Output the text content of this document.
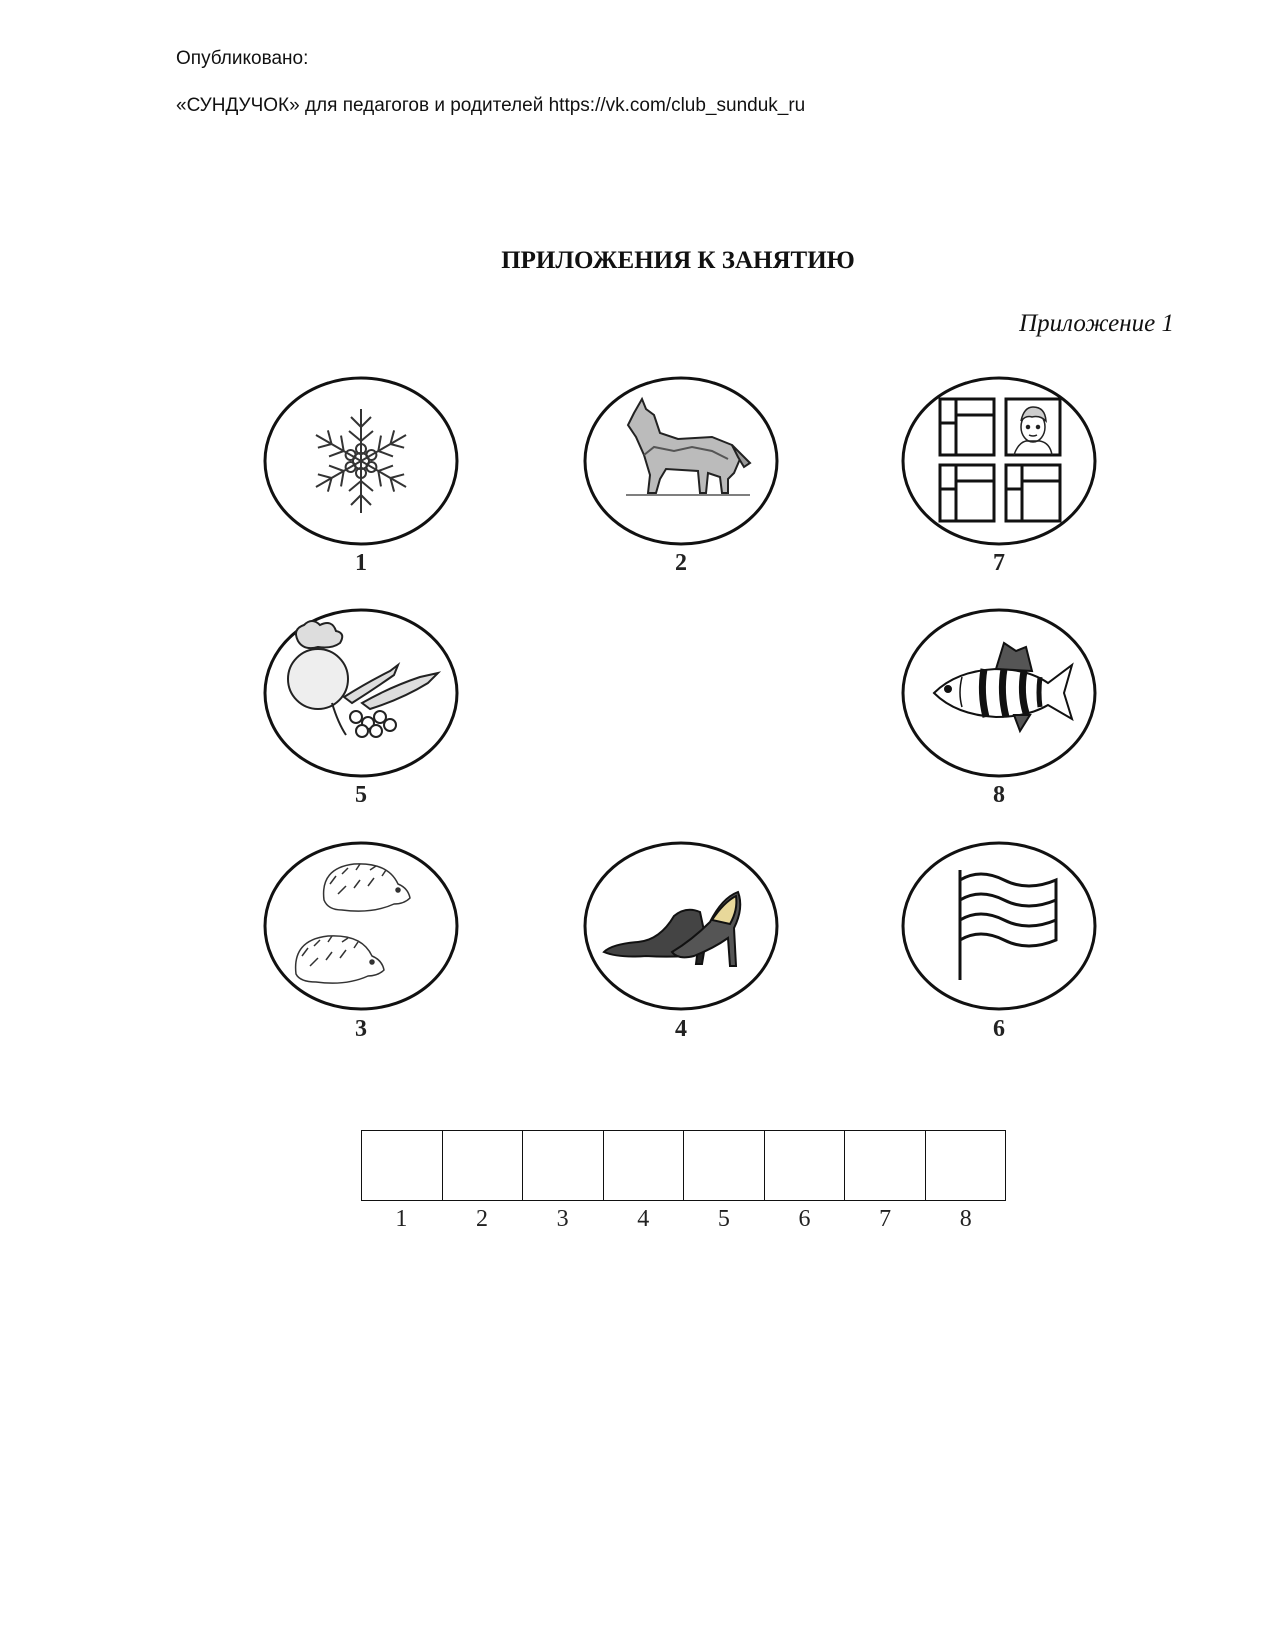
Опубликовано:
«СУНДУЧОК» для педагогов и родителей https://vk.com/club_sunduk_ru
ПРИЛОЖЕНИЯ К ЗАНЯТИЮ
Приложение 1
1	2	7
5	8
3	4	6
1	2	3	4	5	6	7	8
